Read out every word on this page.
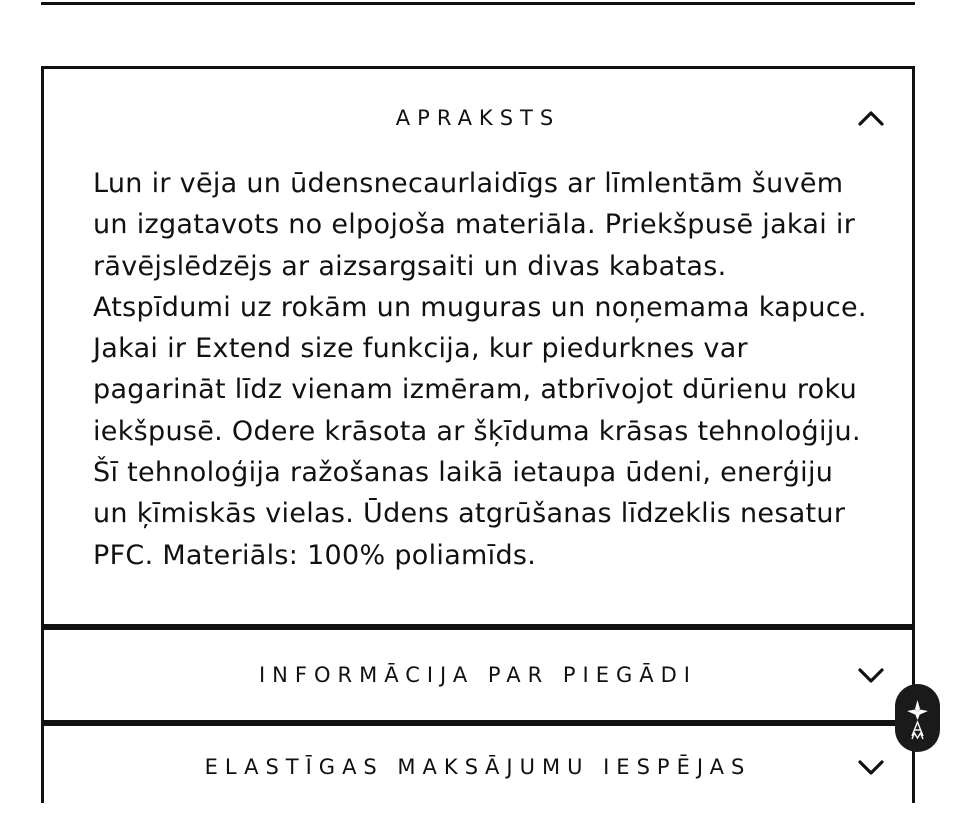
APRAKSTS
Lun ir vēja un ūdensnecaurlaidīgs ar līmlentām šuvēm un izgatavots no elpojoša materiāla. Priekšpusē jakai ir rāvējslēdzējs ar aizsargsaiti un divas kabatas. Atspīdumi uz rokām un muguras un noņemama kapuce. Jakai ir Extend size funkcija, kur piedurknes var pagarināt līdz vienam izmēram, atbrīvojot dūrienu roku iekšpusē. Odere krāsota ar šķīduma krāsas tehnoloģiju. Šī tehnoloģija ražošanas laikā ietaupa ūdeni, enerģiju un ķīmiskās vielas. Ūdens atgrūšanas līdzeklis nesatur PFC. Materiāls: 100% poliamīds.
INFORMĀCIJA PAR PIEGĀDI
ELASTĪGAS MAKSĀJUMU IESPĒJAS
